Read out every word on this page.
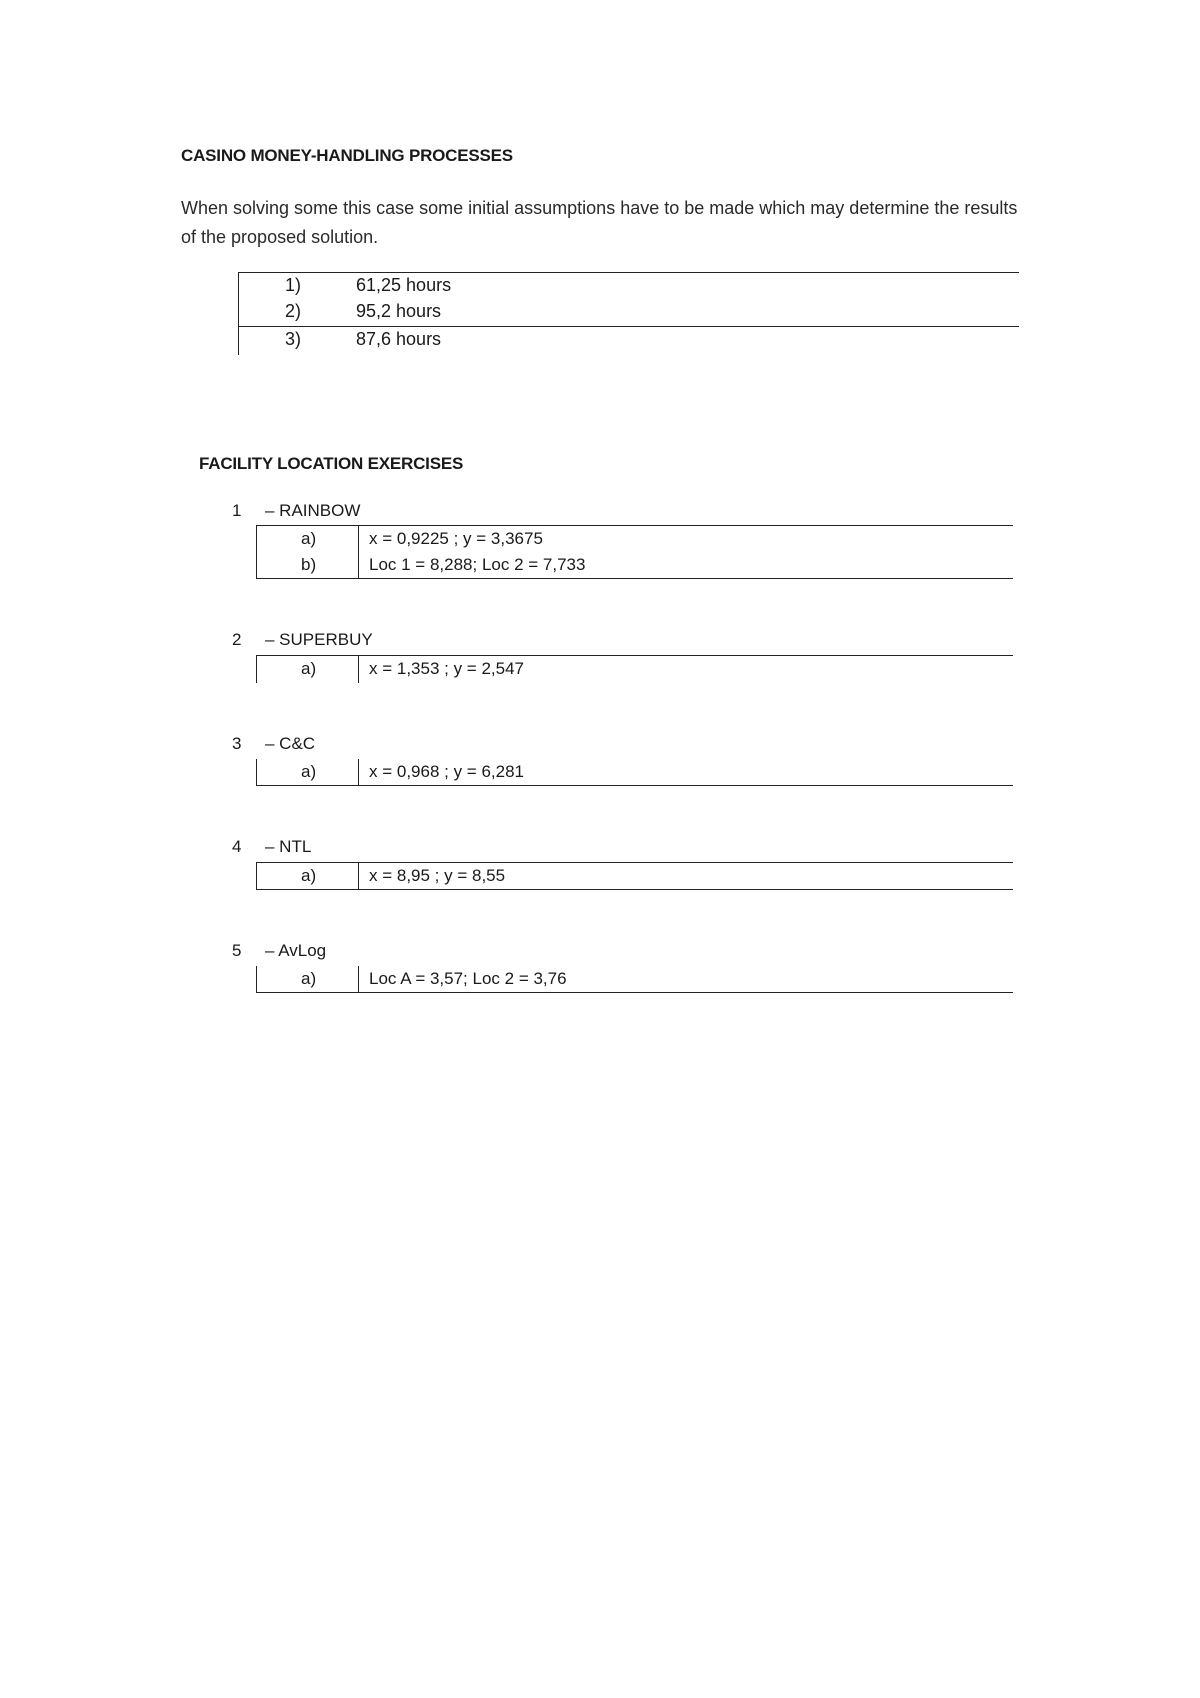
CASINO MONEY-HANDLING PROCESSES
When solving some this case some initial assumptions have to be made which may determine the results of the proposed solution.
1)	61,25 hours
2)	95,2 hours
3)	87,6 hours
FACILITY LOCATION EXERCISES
1 – RAINBOW
a)	x = 0,9225 ; y = 3,3675
b)	Loc 1 = 8,288; Loc 2 = 7,733
2 – SUPERBUY
a)	x = 1,353 ; y = 2,547
3 – C&C
a)	x = 0,968 ; y = 6,281
4 – NTL
a)	x = 8,95 ; y = 8,55
5 – AvLog
a)	Loc A = 3,57; Loc 2 = 3,76
